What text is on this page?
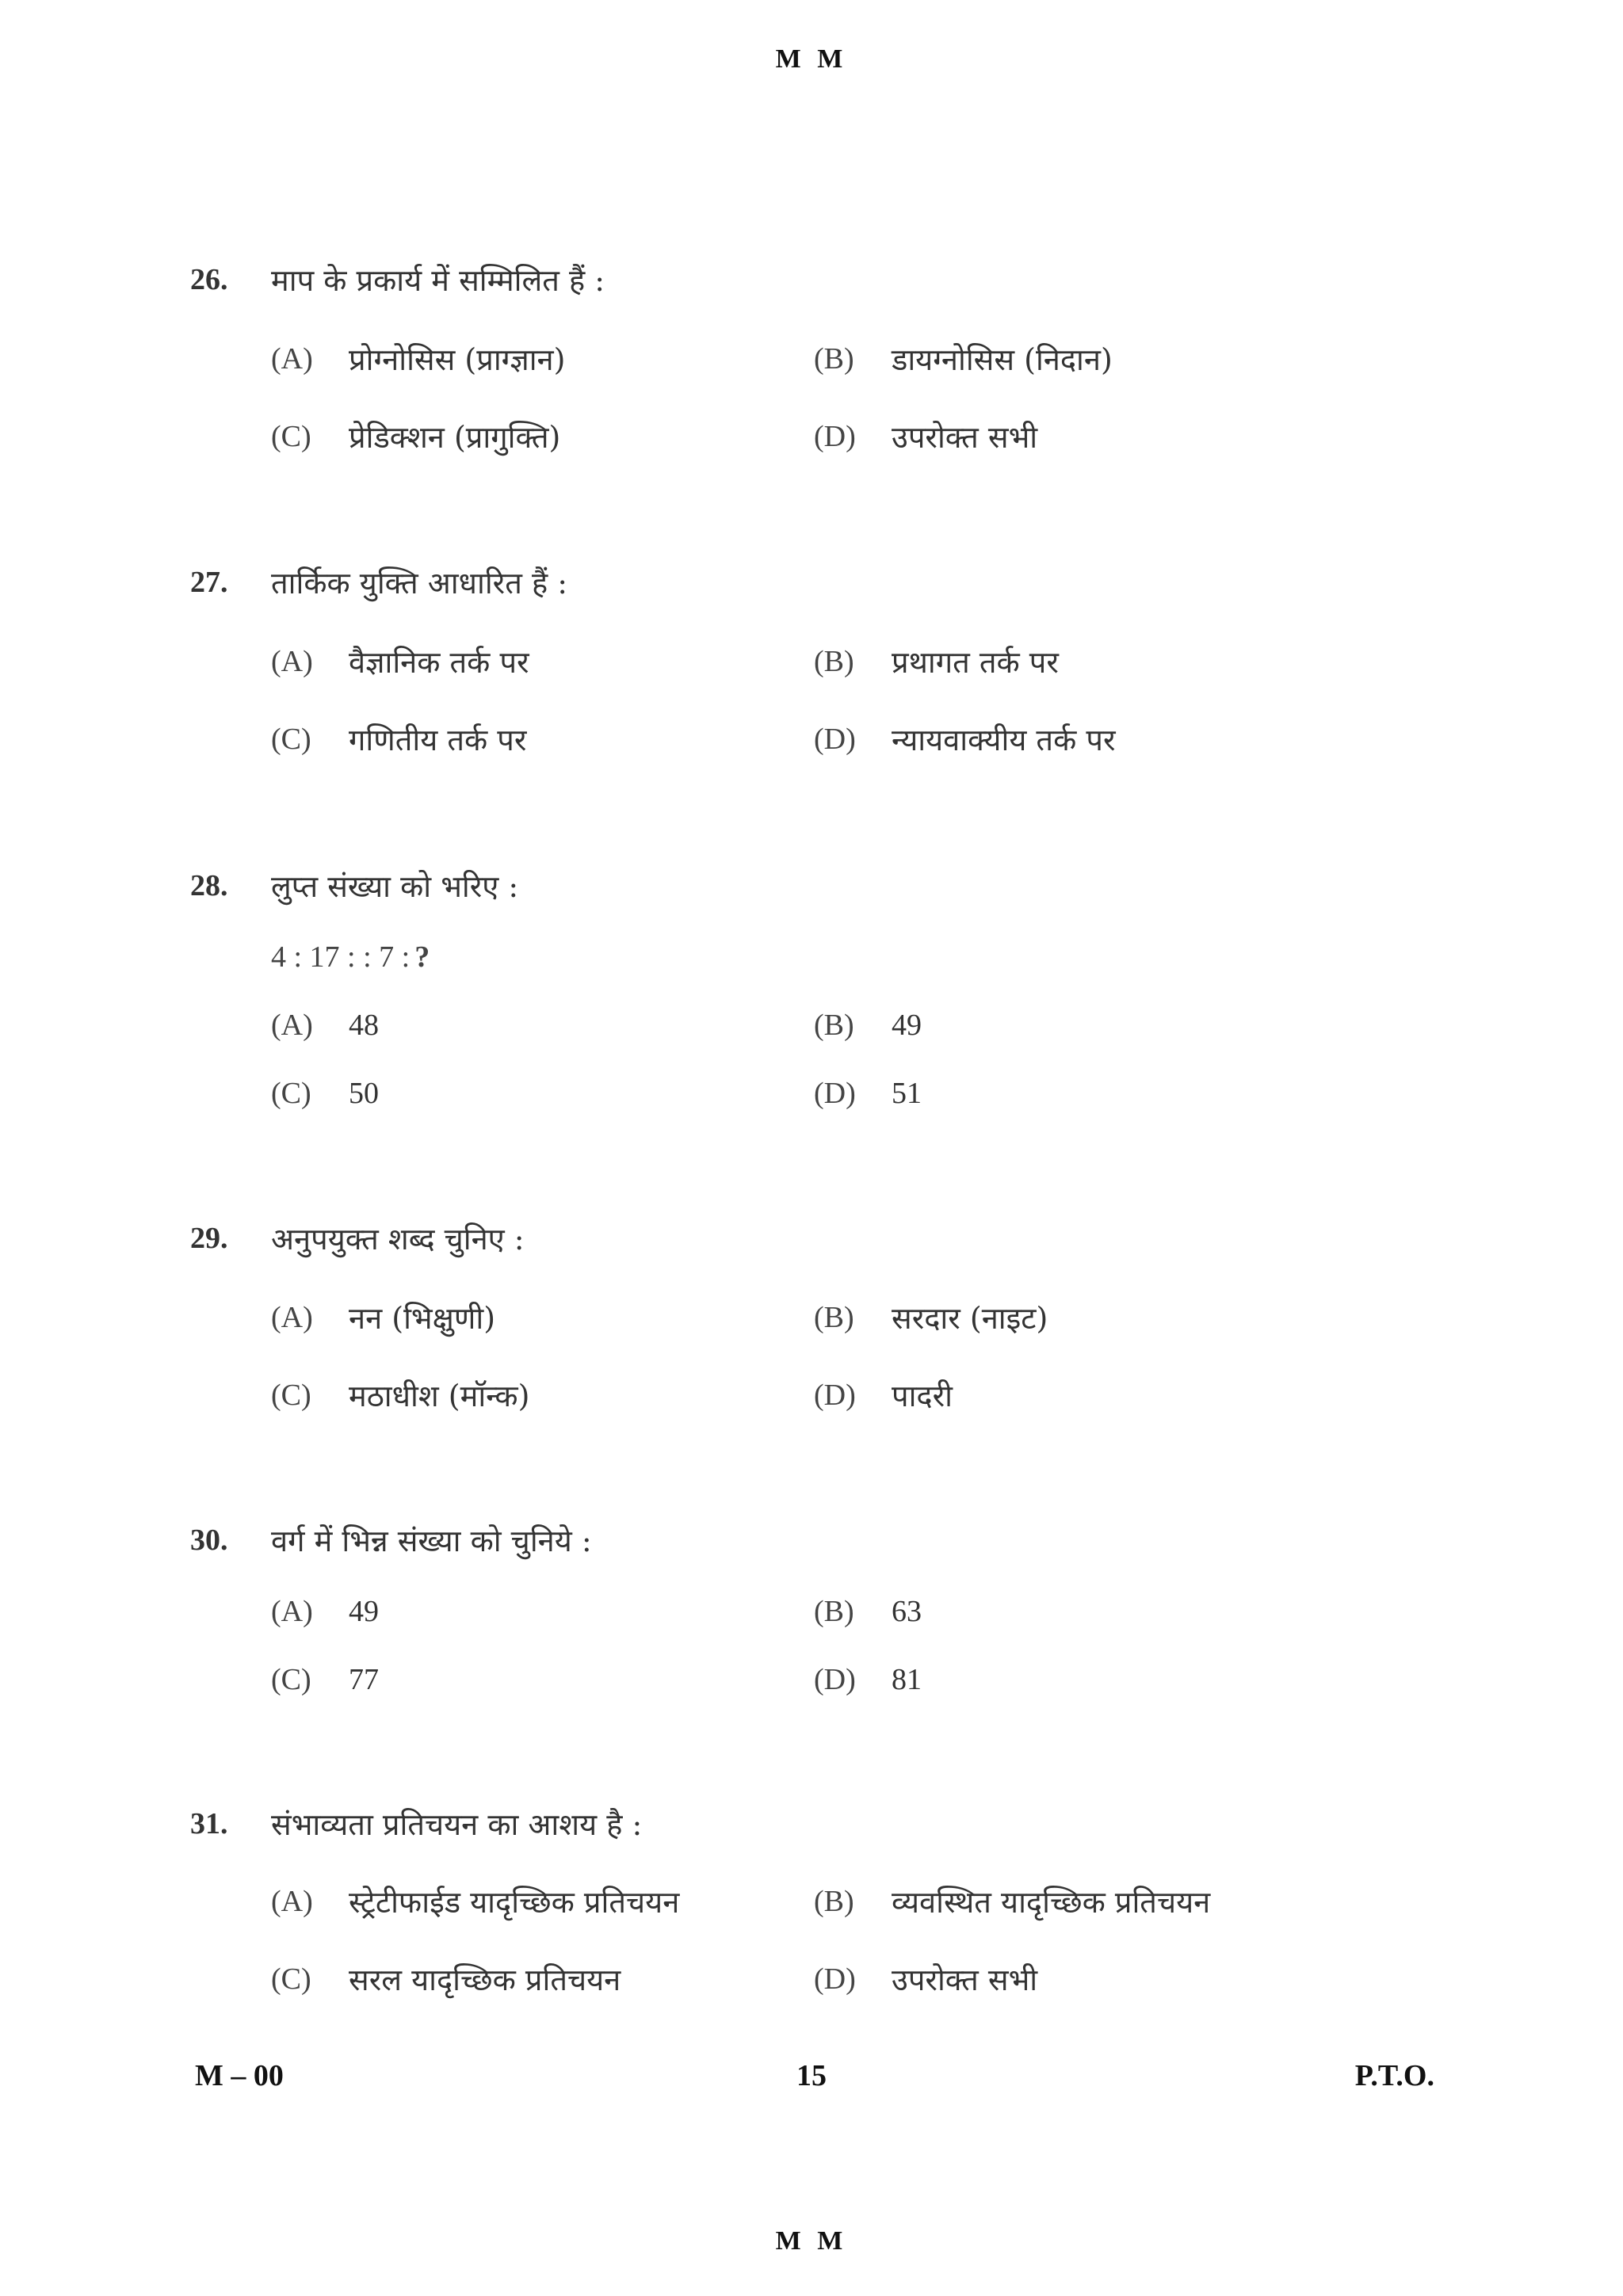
M M
26.	माप के प्रकार्य में सम्मिलित हैं :
(A)	प्रोग्नोसिस (प्राग्ज्ञान)	(B)	डायग्नोसिस (निदान)
(C)	प्रेडिक्शन (प्रागुक्ति)	(D)	उपरोक्त सभी
27.	तार्किक युक्ति आधारित हैं :
(A)	वैज्ञानिक तर्क पर	(B)	प्रथागत तर्क पर
(C)	गणितीय तर्क पर	(D)	न्यायवाक्यीय तर्क पर
28.	लुप्त संख्या को भरिए :
4 : 17 : : 7 : ?
(A)	48	(B)	49
(C)	50	(D)	51
29.	अनुपयुक्त शब्द चुनिए :
(A)	नन (भिक्षुणी)	(B)	सरदार (नाइट)
(C)	मठाधीश (मॉन्क)	(D)	पादरी
30.	वर्ग में भिन्न संख्या को चुनिये :
(A)	49	(B)	63
(C)	77	(D)	81
31.	संभाव्यता प्रतिचयन का आशय है :
(A)	स्ट्रेटीफाईड यादृच्छिक प्रतिचयन	(B)	व्यवस्थित यादृच्छिक प्रतिचयन
(C)	सरल यादृच्छिक प्रतिचयन	(D)	उपरोक्त सभी
M – 00	15	P.T.O.
M M
